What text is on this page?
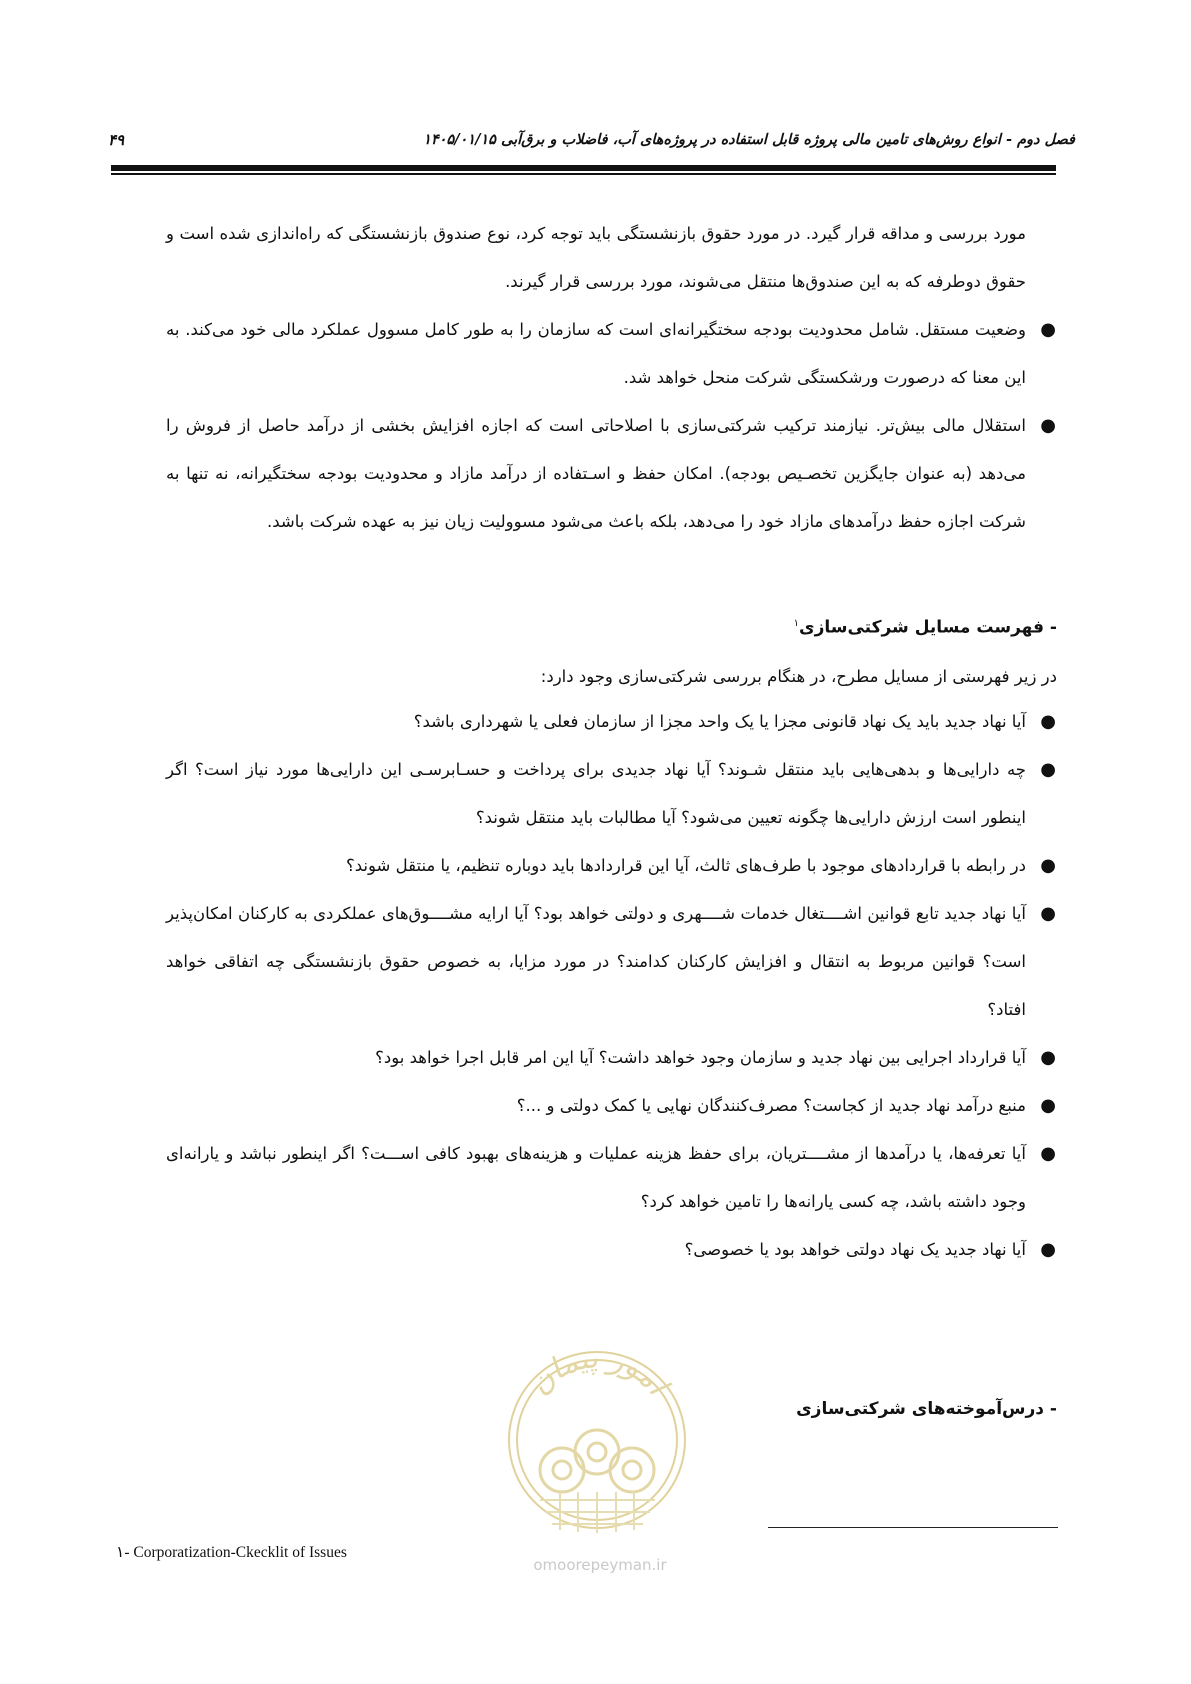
فصل دوم - انواع روش‌های تامین مالی پروژه قابل استفاده در پروژه‌های آب، فاضلاب و برق‌آبی ۱۴۰۵/۰۱/۱۵
۴۹
مورد بررسی و مداقه قرار گیرد. در مورد حقوق بازنشستگی باید توجه کرد، نوع صندوق بازنشستگی که راه‌اندازی شده است و حقوق دوطرفه که به این صندوق‌ها منتقل می‌شوند، مورد بررسی قرار گیرند.
●
وضعیت مستقل. شامل محدودیت بودجه سختگیرانه‌ای است که سازمان را به طور کامل مسوول عملکرد مالی خود می‌کند. به این معنا که درصورت ورشکستگی شرکت منحل خواهد شد.
●
استقلال مالی بیش‌تر. نیازمند ترکیب شرکتی‌سازی با اصلاحاتی است که اجازه افزایش بخشی از درآمد حاصل از فروش را می‌دهد (به عنوان جایگزین تخصـیص بودجه). امکان حفظ و اسـتفاده از درآمد مازاد و محدودیت بودجه سختگیرانه، نه تنها به شرکت اجازه حفظ درآمدهای مازاد خود را می‌دهد، بلکه باعث می‌شود مسوولیت زیان نیز به عهده شرکت باشد.
- فهرست مسایل شرکتی‌سازی$^۱$
در زیر فهرستی از مسایل مطرح، در هنگام بررسی شرکتی‌سازی وجود دارد:
●
آیا نهاد جدید باید یک نهاد قانونی مجزا یا یک واحد مجزا از سازمان فعلی یا شهرداری باشد؟
●
چه دارایی‌ها و بدهی‌هایی باید منتقل شـوند؟ آیا نهاد جدیدی برای پرداخت و حسـابرسـی این دارایی‌ها مورد نیاز است؟ اگر اینطور است ارزش دارایی‌ها چگونه تعیین می‌شود؟ آیا مطالبات باید منتقل شوند؟
●
در رابطه با قراردادهای موجود با طرف‌های ثالث، آیا این قراردادها باید دوباره تنظیم، یا منتقل شوند؟
●
آیا نهاد جدید تابع قوانین اشــــتغال خدمات شــــهری و دولتی خواهد بود؟ آیا ارایه مشــــوق‌های عملکردی به کارکنان امکان‌پذیر است؟ قوانین مربوط به انتقال و افزایش کارکنان کدامند؟ در مورد مزایا، به خصوص حقوق بازنشستگی چه اتفاقی خواهد افتاد؟
●
آیا قرارداد اجرایی بین نهاد جدید و سازمان وجود خواهد داشت؟ آیا این امر قابل اجرا خواهد بود؟
●
منبع درآمد نهاد جدید از کجاست؟ مصرف‌کنندگان نهایی یا کمک دولتی و ...؟
●
آیا تعرفه‌ها، یا درآمدها از مشــــتریان، برای حفظ هزینه عملیات و هزینه‌های بهبود کافی اســـت؟ اگر اینطور نباشد و یارانه‌ای وجود داشته باشد، چه کسی یارانه‌ها را تامین خواهد کرد؟
●
آیا نهاد جدید یک نهاد دولتی خواهد بود یا خصوصی؟
- درس‌آموخته‌های شرکتی‌سازی
امور پیمان
omoorepeyman.ir
۱- Corporatization-Ckecklit of Issues
